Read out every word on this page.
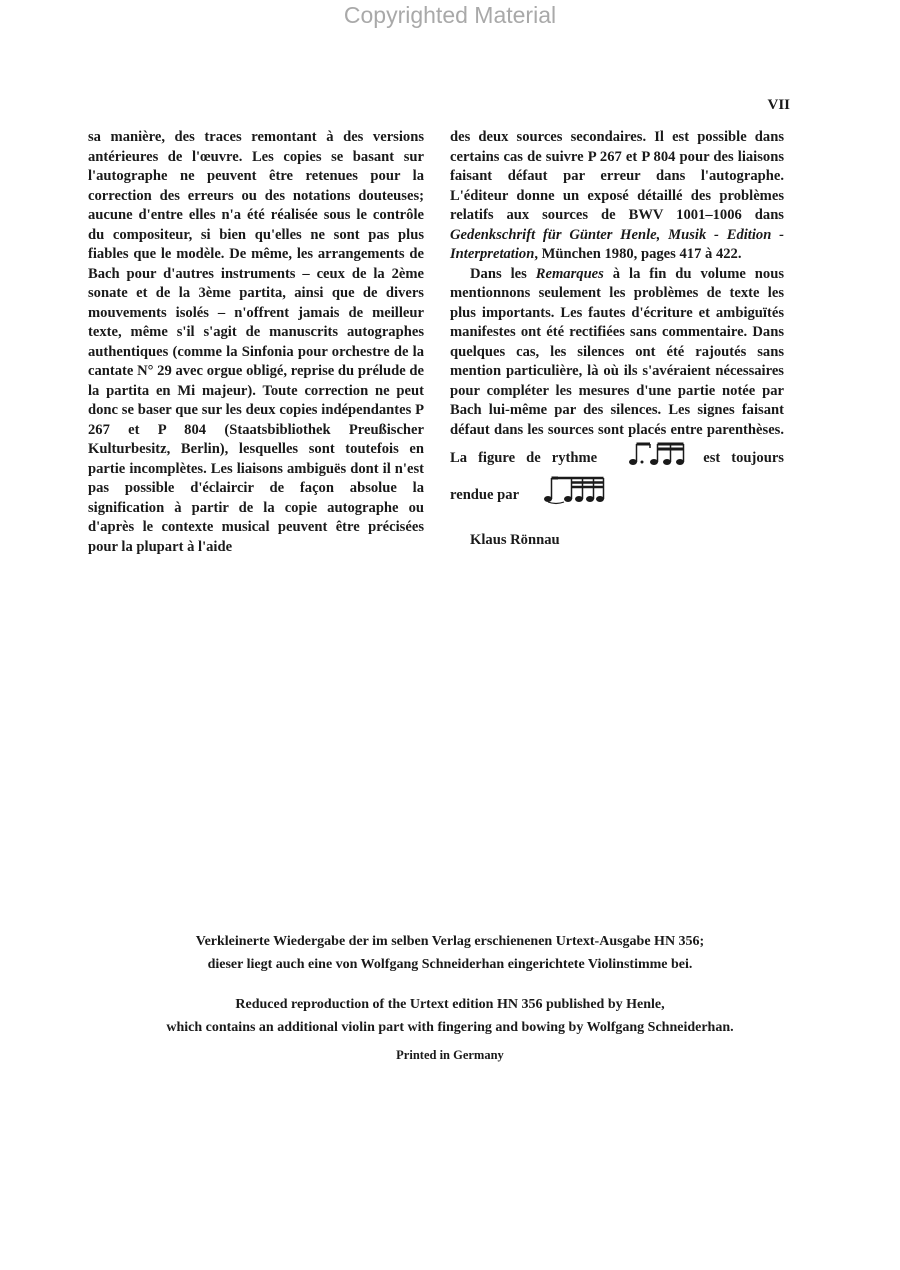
Copyrighted Material
VII

sa manière, des traces remontant à des versions antérieures de l'œuvre. Les copies se basant sur l'autographe ne peuvent être retenues pour la correction des erreurs ou des notations douteuses; aucune d'entre elles n'a été réalisée sous le contrôle du compositeur, si bien qu'elles ne sont pas plus fiables que le modèle. De même, les arrangements de Bach pour d'autres instruments – ceux de la 2ème sonate et de la 3ème partita, ainsi que de divers mouvements isolés – n'offrent jamais de meilleur texte, même s'il s'agit de manuscrits autographes authentiques (comme la Sinfonia pour orchestre de la cantate N° 29 avec orgue obligé, reprise du prélude de la partita en Mi majeur). Toute correction ne peut donc se baser que sur les deux copies indépendantes P 267 et P 804 (Staatsbibliothek Preußischer Kulturbesitz, Berlin), lesquelles sont toutefois en partie incomplètes. Les liaisons ambiguës dont il n'est pas possible d'éclaircir de façon absolue la signification à partir de la copie autographe ou d'après le contexte musical peuvent être précisées pour la plupart à l'aide

des deux sources secondaires. Il est possible dans certains cas de suivre P 267 et P 804 pour des liaisons faisant défaut par erreur dans l'autographe. L'éditeur donne un exposé détaillé des problèmes relatifs aux sources de BWV 1001–1006 dans Gedenkschrift für Günter Henle, Musik - Edition - Interpretation, München 1980, pages 417 à 422.

Dans les Remarques à la fin du volume nous mentionnons seulement les problèmes de texte les plus importants. Les fautes d'écriture et ambiguïtés manifestes ont été rectifiées sans commentaire. Dans quelques cas, les silences ont été rajoutés sans mention particulière, là où ils s'avéraient nécessaires pour compléter les mesures d'une partie notée par Bach lui-même par des silences. Les signes faisant défaut dans les sources sont placés entre parenthèses. La figure de rythme	est toujours rendue par

Klaus Rönnau

Verkleinerte Wiedergabe der im selben Verlag erschienenen Urtext-Ausgabe HN 356;
dieser liegt auch eine von Wolfgang Schneiderhan eingerichtete Violinstimme bei.
Reduced reproduction of the Urtext edition HN 356 published by Henle,
which contains an additional violin part with fingering and bowing by Wolfgang Schneiderhan.
Printed in Germany
